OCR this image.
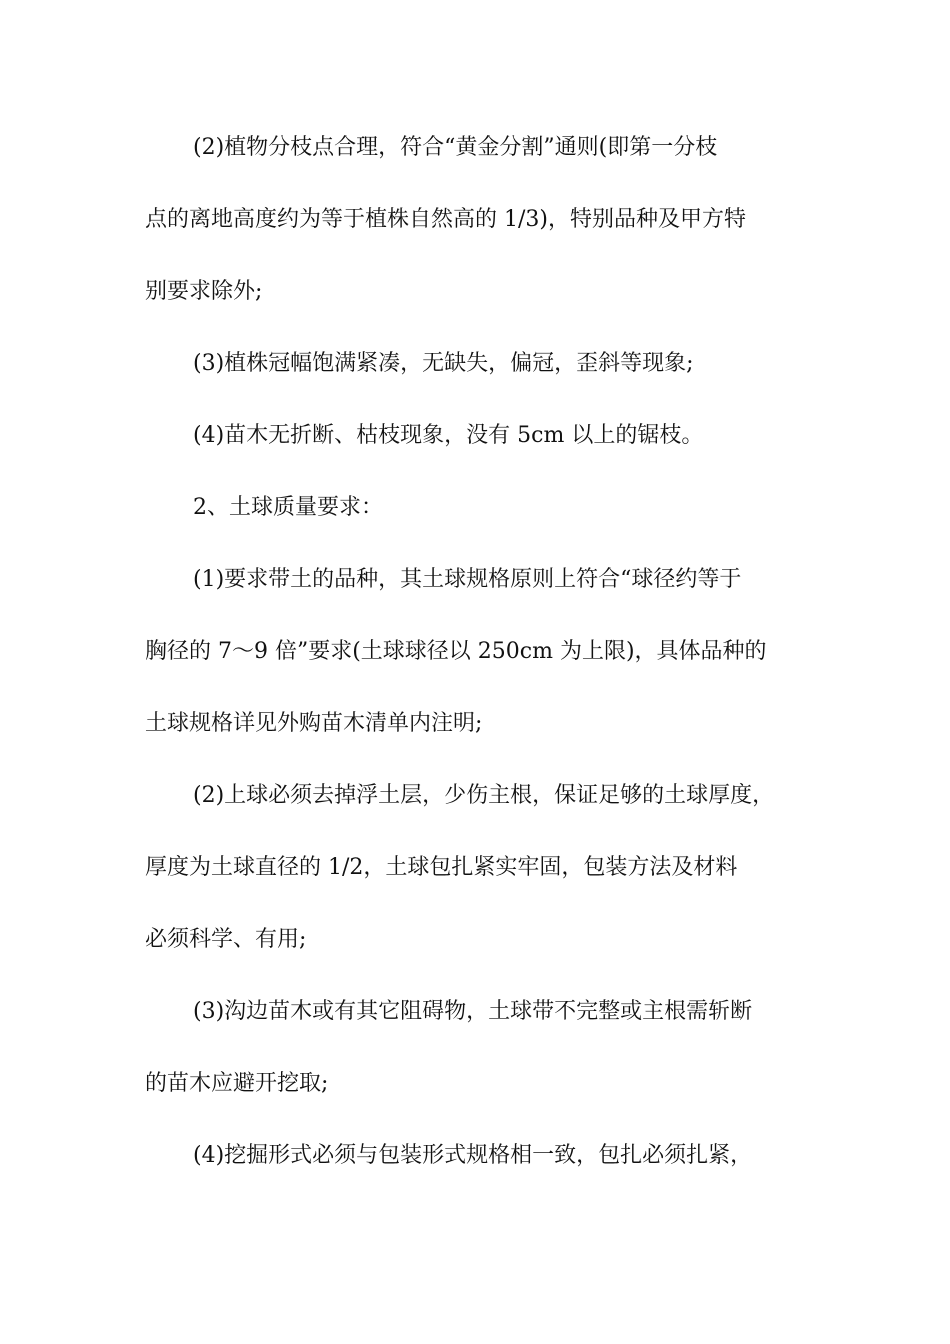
(2)植物分枝点合理，符合“黄金分割”通则(即第一分枝
点的离地高度约为等于植株自然高的 1/3)，特别品种及甲方特
别要求除外;
(3)植株冠幅饱满紧凑，无缺失，偏冠，歪斜等现象;
(4)苗木无折断、枯枝现象，没有 5cm 以上的锯枝。
2、土球质量要求：
(1)要求带土的品种，其土球规格原则上符合“球径约等于
胸径的 7～9 倍”要求(土球球径以 250cm 为上限)，具体品种的
土球规格详见外购苗木清单内注明;
(2)上球必须去掉浮土层，少伤主根，保证足够的土球厚度，
厚度为土球直径的 1/2，土球包扎紧实牢固，包装方法及材料
必须科学、有用;
(3)沟边苗木或有其它阻碍物，土球带不完整或主根需斩断
的苗木应避开挖取;
(4)挖掘形式必须与包装形式规格相一致，包扎必须扎紧，
